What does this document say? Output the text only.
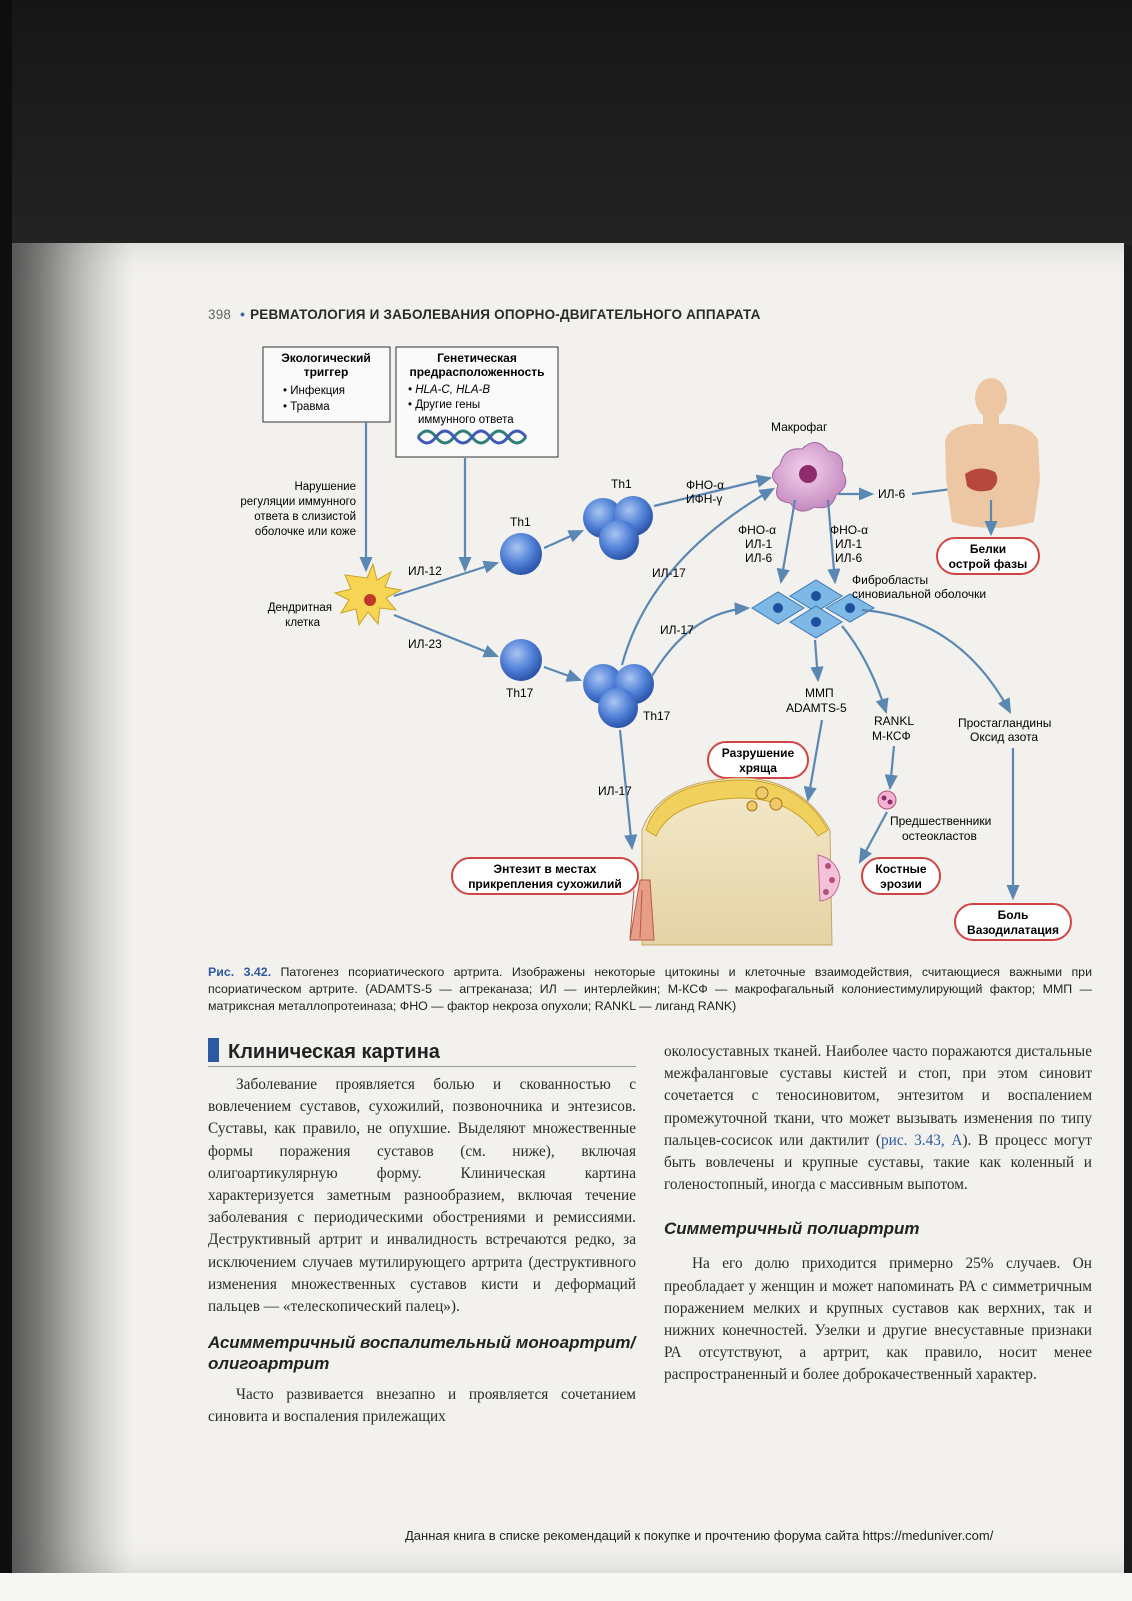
398 • РЕВМАТОЛОГИЯ И ЗАБОЛЕВАНИЯ ОПОРНО-ДВИГАТЕЛЬНОГО АППАРАТА
Экологический
триггер
• Инфекция
• Травма
Генетическая
предрасположенность
• HLA-C, HLA-B
• Другие гены
иммунного ответа
Нарушение
регуляции иммунного
ответа в слизистой
оболочке или коже
Дендритная
клетка
ИЛ-12
ИЛ-23
Th1
Th1
Th17
Th17
ФНО-α
ИФН-γ
ИЛ-17
ИЛ-17
ИЛ-17
Макрофаг
ИЛ-6
Белки
острой фазы
ФНО-α
ИЛ-1
ИЛ-6
ФНО-α
ИЛ-1
ИЛ-6
Фибробласты
синовиальной оболочки
ММП
ADAMTS-5
RANKL
М-КСФ
Простагландины
Оксид азота
Разрушение
хряща
Предшественники
остеокластов
Костные
эрозии
Энтезит в местах
прикрепления сухожилий
Боль
Вазодилатация
Рис. 3.42. Патогенез псориатического артрита. Изображены некоторые цитокины и клеточные взаимодействия, считающиеся важными при псориатическом артрите. (ADAMTS-5 — агтреканаза; ИЛ — интерлейкин; М-КСФ — макрофагальный колониестимулирующий фактор; ММП — матриксная металлопротеиназа; ФНО — фактор некроза опухоли; RANKL — лиганд RANK)
Клиническая картина

Заболевание проявляется болью и скованностью с вовлечением суставов, сухожилий, позвоночника и энтезисов. Суставы, как правило, не опухшие. Выделяют множественные формы поражения суставов (см. ниже), включая олигоартикулярную форму. Клиническая картина характеризуется заметным разнообразием, включая течение заболевания с периодическими обострениями и ремиссиями. Деструктивный артрит и инвалидность встречаются редко, за исключением случаев мутилирующего артрита (деструктивного изменения множественных суставов кисти и деформаций пальцев — «телескопический палец»).

Асимметричный воспалительный моноартрит/олигоартрит

Часто развивается внезапно и проявляется сочетанием синовита и воспаления прилежащих

околосуставных тканей. Наиболее часто поражаются дистальные межфаланговые суставы кистей и стоп, при этом синовит сочетается с теносиновитом, энтезитом и воспалением промежуточной ткани, что может вызывать изменения по типу пальцев-сосисок или дактилит (рис. 3.43, А). В процесс могут быть вовлечены и крупные суставы, такие как коленный и голеностопный, иногда с массивным выпотом.

Симметричный полиартрит

На его долю приходится примерно 25% случаев. Он преобладает у женщин и может напоминать РА с симметричным поражением мелких и крупных суставов как верхних, так и нижних конечностей. Узелки и другие внесуставные признаки РА отсутствуют, а артрит, как правило, носит менее распространенный и более доброкачественный характер.

Данная книга в списке рекомендаций к покупке и прочтению форума сайта https://meduniver.com/
